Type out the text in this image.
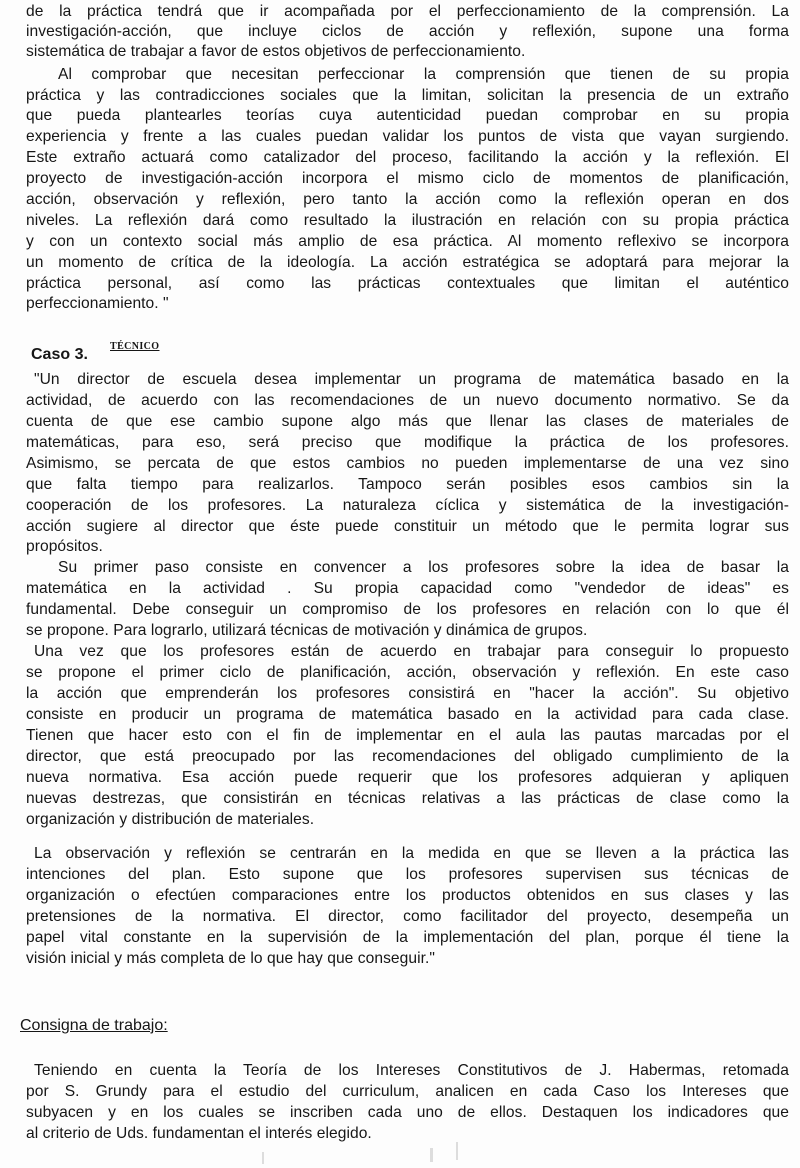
de la práctica tendrá que ir acompañada por el perfeccionamiento de la comprensión. La

investigación-acción, que incluye ciclos de acción y reflexión, supone una forma

sistemática de trabajar a favor de estos objetivos de perfeccionamiento.

Al comprobar que necesitan perfeccionar la comprensión que tienen de su propia

práctica y las contradicciones sociales que la limitan, solicitan la presencia de un extraño

que pueda plantearles teorías cuya autenticidad puedan comprobar en su propia

experiencia y frente a las cuales puedan validar los puntos de vista que vayan surgiendo.

Este extraño actuará como catalizador del proceso, facilitando la acción y la reflexión. El

proyecto de investigación-acción incorpora el mismo ciclo de momentos de planificación,

acción, observación y reflexión, pero tanto la acción como la reflexión operan en dos

niveles. La reflexión dará como resultado la ilustración en relación con su propia práctica

y con un contexto social más amplio de esa práctica. Al momento reflexivo se incorpora

un momento de crítica de la ideología. La acción estratégica se adoptará para mejorar la

práctica personal, así como las prácticas contextuales que limitan el auténtico

perfeccionamiento. "

Caso 3. TÉCNICO

"Un director de escuela desea implementar un programa de matemática basado en la

actividad, de acuerdo con las recomendaciones de un nuevo documento normativo. Se da

cuenta de que ese cambio supone algo más que llenar las clases de materiales de

matemáticas, para eso, será preciso que modifique la práctica de los profesores.

Asimismo, se percata de que estos cambios no pueden implementarse de una vez sino

que falta tiempo para realizarlos. Tampoco serán posibles esos cambios sin la

cooperación de los profesores. La naturaleza cíclica y sistemática de la investigación-

acción sugiere al director que éste puede constituir un método que le permita lograr sus

propósitos.

Su primer paso consiste en convencer a los profesores sobre la idea de basar la

matemática en la actividad . Su propia capacidad como "vendedor de ideas" es

fundamental. Debe conseguir un compromiso de los profesores en relación con lo que él

se propone. Para lograrlo, utilizará técnicas de motivación y dinámica de grupos.

Una vez que los profesores están de acuerdo en trabajar para conseguir lo propuesto

se propone el primer ciclo de planificación, acción, observación y reflexión. En este caso

la acción que emprenderán los profesores consistirá en "hacer la acción". Su objetivo

consiste en producir un programa de matemática basado en la actividad para cada clase.

Tienen que hacer esto con el fin de implementar en el aula las pautas marcadas por el

director, que está preocupado por las recomendaciones del obligado cumplimiento de la

nueva normativa. Esa acción puede requerir que los profesores adquieran y apliquen

nuevas destrezas, que consistirán en técnicas relativas a las prácticas de clase como la

organización y distribución de materiales.

La observación y reflexión se centrarán en la medida en que se lleven a la práctica las

intenciones del plan. Esto supone que los profesores supervisen sus técnicas de

organización o efectúen comparaciones entre los productos obtenidos en sus clases y las

pretensiones de la normativa. El director, como facilitador del proyecto, desempeña un

papel vital constante en la supervisión de la implementación del plan, porque él tiene la

visión inicial y más completa de lo que hay que conseguir."

Consigna de trabajo:

Teniendo en cuenta la Teoría de los Intereses Constitutivos de J. Habermas, retomada

por S. Grundy para el estudio del curriculum, analicen en cada Caso los Intereses que

subyacen y en los cuales se inscriben cada uno de ellos. Destaquen los indicadores que

al criterio de Uds. fundamentan el interés elegido.
